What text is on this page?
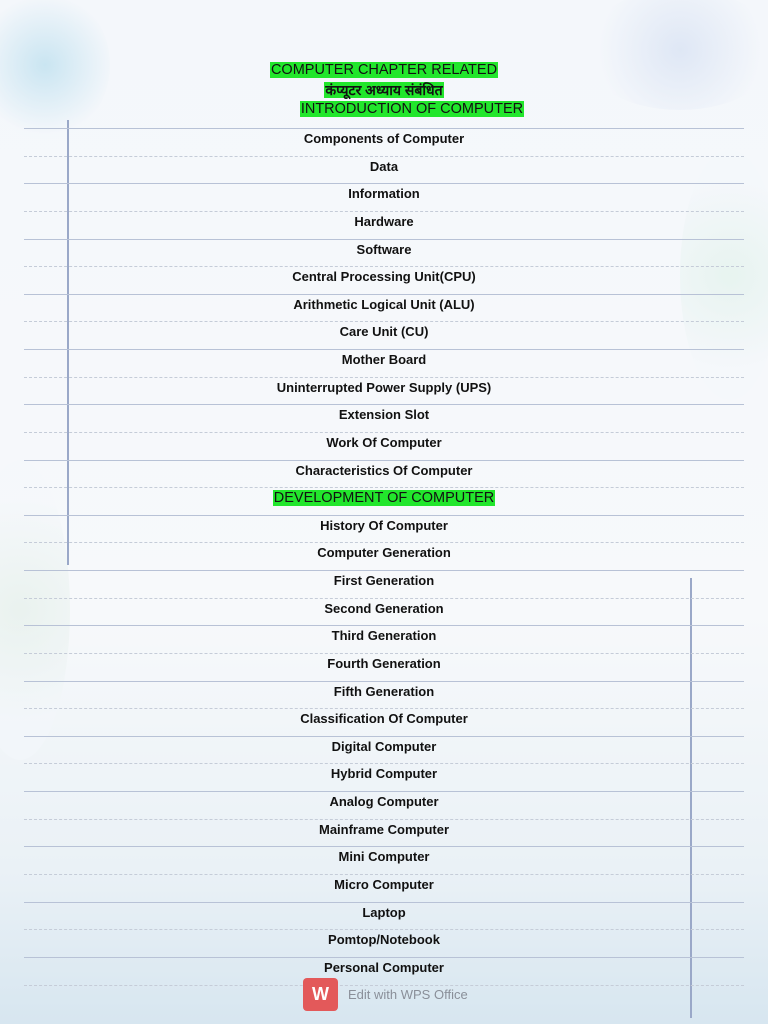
COMPUTER CHAPTER RELATED
कंप्यूटर अध्याय संबंधित
INTRODUCTION OF COMPUTER
Components of Computer
Data
Information
Hardware
Software
Central Processing Unit(CPU)
Arithmetic Logical Unit (ALU)
Care Unit (CU)
Mother Board
Uninterrupted Power Supply (UPS)
Extension Slot
Work Of Computer
Characteristics Of Computer
DEVELOPMENT OF COMPUTER
History Of Computer
Computer Generation
First Generation
Second Generation
Third Generation
Fourth Generation
Fifth Generation
Classification Of Computer
Digital Computer
Hybrid Computer
Analog Computer
Mainframe Computer
Mini Computer
Micro Computer
Laptop
Pomtop/Notebook
Personal Computer
W	Edit with WPS Office
